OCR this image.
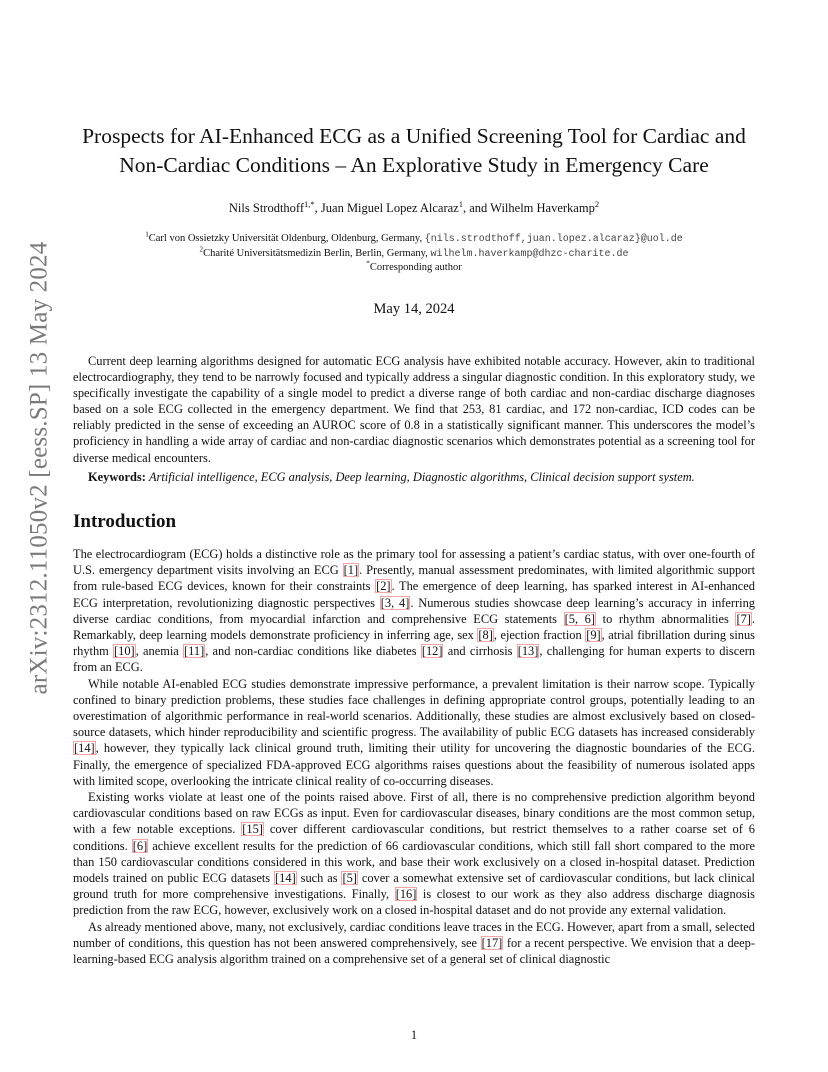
arXiv:2312.11050v2 [eess.SP] 13 May 2024
Prospects for AI-Enhanced ECG as a Unified Screening Tool for Cardiac and Non-Cardiac Conditions – An Explorative Study in Emergency Care
Nils Strodthoff$^{1,*}$, Juan Miguel Lopez Alcaraz$^1$, and Wilhelm Haverkamp$^2$
$^1$Carl von Ossietzky Universität Oldenburg, Oldenburg, Germany, {nils.strodthoff,juan.lopez.alcaraz}@uol.de
$^2$Charité Universitätsmedizin Berlin, Berlin, Germany, wilhelm.haverkamp@dhzc-charite.de
*Corresponding author
May 14, 2024

Current deep learning algorithms designed for automatic ECG analysis have exhibited notable accuracy. However, akin to traditional electrocardiography, they tend to be narrowly focused and typically address a singular diagnostic condition. In this exploratory study, we specifically investigate the capability of a single model to predict a diverse range of both cardiac and non-cardiac discharge diagnoses based on a sole ECG collected in the emergency department. We find that 253, 81 cardiac, and 172 non-cardiac, ICD codes can be reliably predicted in the sense of exceeding an AUROC score of 0.8 in a statistically significant manner. This underscores the model’s proficiency in handling a wide array of cardiac and non-cardiac diagnostic scenarios which demonstrates potential as a screening tool for diverse medical encounters.

Keywords: Artificial intelligence, ECG analysis, Deep learning, Diagnostic algorithms, Clinical decision support system.

Introduction

The electrocardiogram (ECG) holds a distinctive role as the primary tool for assessing a patient’s cardiac status, with over one-fourth of U.S. emergency department visits involving an ECG [1]. Presently, manual assessment predominates, with limited algorithmic support from rule-based ECG devices, known for their constraints [2]. The emergence of deep learning, has sparked interest in AI-enhanced ECG interpretation, revolutionizing diagnostic perspectives [3, 4]. Numerous studies showcase deep learning’s accuracy in inferring diverse cardiac conditions, from myocardial infarction and comprehensive ECG statements [5, 6] to rhythm abnormalities [7]. Remarkably, deep learning models demonstrate proficiency in inferring age, sex [8], ejection fraction [9], atrial fibrillation during sinus rhythm [10], anemia [11], and non-cardiac conditions like diabetes [12] and cirrhosis [13], challenging for human experts to discern from an ECG.

While notable AI-enabled ECG studies demonstrate impressive performance, a prevalent limitation is their narrow scope. Typically confined to binary prediction problems, these studies face challenges in defining appropriate control groups, potentially leading to an overestimation of algorithmic performance in real-world scenarios. Additionally, these studies are almost exclusively based on closed-source datasets, which hinder reproducibility and scientific progress. The availability of public ECG datasets has increased considerably [14], however, they typically lack clinical ground truth, limiting their utility for uncovering the diagnostic boundaries of the ECG. Finally, the emergence of specialized FDA-approved ECG algorithms raises questions about the feasibility of numerous isolated apps with limited scope, overlooking the intricate clinical reality of co-occurring diseases.

Existing works violate at least one of the points raised above. First of all, there is no comprehensive prediction algorithm beyond cardiovascular conditions based on raw ECGs as input. Even for cardiovascular diseases, binary conditions are the most common setup, with a few notable exceptions. [15] cover different cardiovascular conditions, but restrict themselves to a rather coarse set of 6 conditions. [6] achieve excellent results for the prediction of 66 cardiovascular conditions, which still fall short compared to the more than 150 cardiovascular conditions considered in this work, and base their work exclusively on a closed in-hospital dataset. Prediction models trained on public ECG datasets [14] such as [5] cover a somewhat extensive set of cardiovascular conditions, but lack clinical ground truth for more comprehensive investigations. Finally, [16] is closest to our work as they also address discharge diagnosis prediction from the raw ECG, however, exclusively work on a closed in-hospital dataset and do not provide any external validation.

As already mentioned above, many, not exclusively, cardiac conditions leave traces in the ECG. However, apart from a small, selected number of conditions, this question has not been answered comprehensively, see [17] for a recent perspective. We envision that a deep-learning-based ECG analysis algorithm trained on a comprehensive set of a general set of clinical diagnostic

1
